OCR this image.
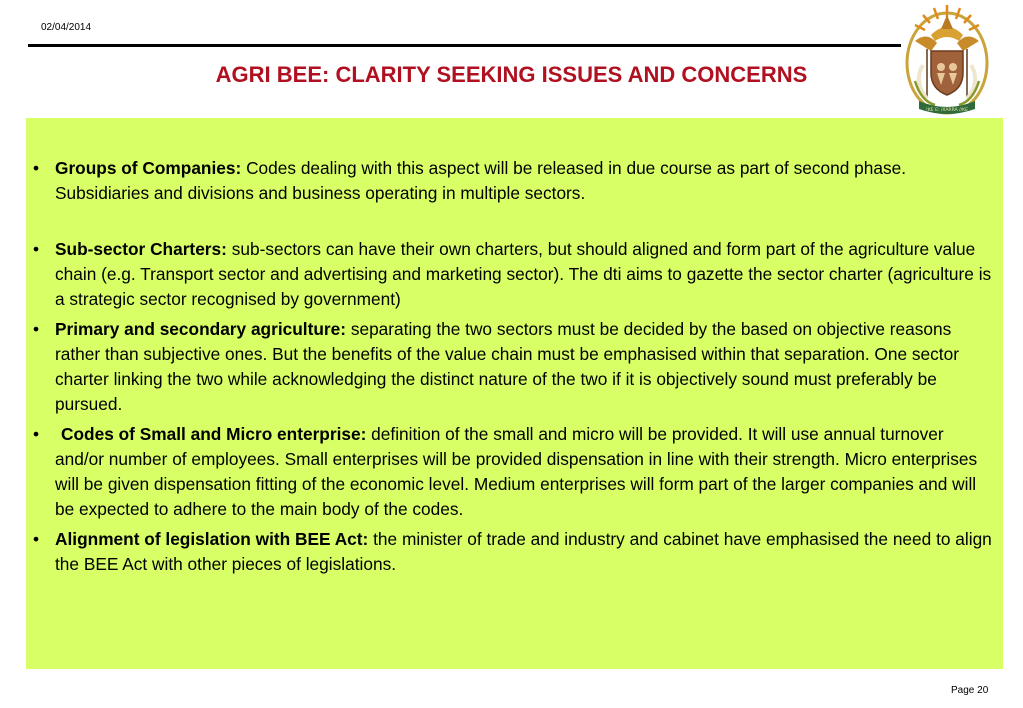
02/04/2014
AGRI BEE: CLARITY SEEKING ISSUES AND CONCERNS
!KE E: /XARRA //KE
• Groups of Companies: Codes dealing with this aspect will be released in due course as part of second phase. Subsidiaries and divisions and business operating in multiple sectors.
• Sub-sector Charters: sub-sectors can have their own charters, but should aligned and form part of the agriculture value chain (e.g. Transport sector and advertising and marketing sector). The dti aims to gazette the sector charter (agriculture is a strategic sector recognised by government)
• Primary and secondary agriculture: separating the two sectors must be decided by the based on objective reasons rather than subjective ones. But the benefits of the value chain must be emphasised within that separation. One sector charter linking the two while acknowledging the distinct nature of the two if it is objectively sound must preferably be pursued.
• Codes of Small and Micro enterprise: definition of the small and micro will be provided. It will use annual turnover and/or number of employees. Small enterprises will be provided dispensation in line with their strength. Micro enterprises will be given dispensation fitting of the economic level. Medium enterprises will form part of the larger companies and will be expected to adhere to the main body of the codes.
• Alignment of legislation with BEE Act: the minister of trade and industry and cabinet have emphasised the need to align the BEE Act with other pieces of legislations.
Page 20
